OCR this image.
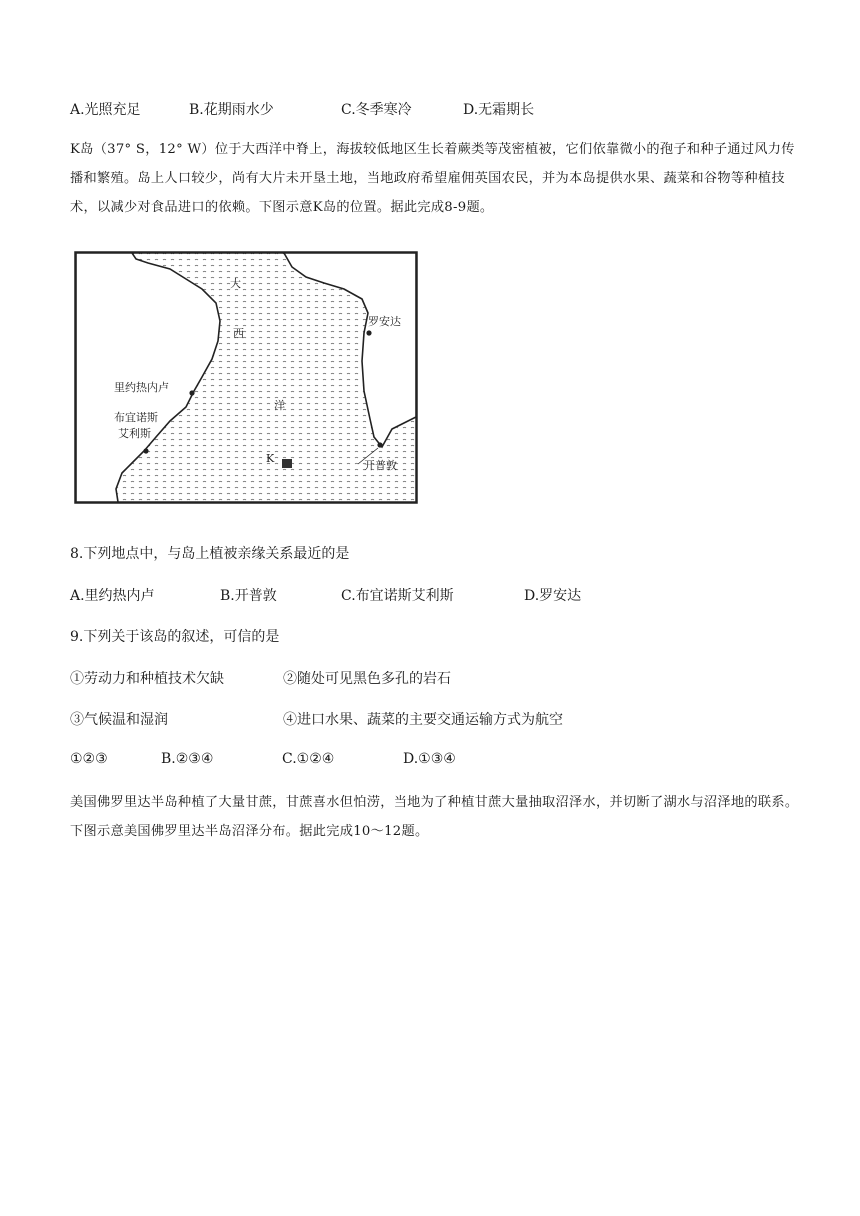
A.光照充足	B.花期雨水少	C.冬季寒冷	D.无霜期长
K岛（37° S，12° W）位于大西洋中脊上，海拔较低地区生长着蕨类等茂密植被，它们依靠微小的孢子和种子通过风力传播和繁殖。岛上人口较少，尚有大片未开垦土地，当地政府希望雇佣英国农民，并为本岛提供水果、蔬菜和谷物等种植技术，以减少对食品进口的依赖。下图示意K岛的位置。据此完成8-9题。
大
西
洋
里约热内卢
布宜诺斯
艾利斯
罗安达
开普敦
K
8.下列地点中，与岛上植被亲缘关系最近的是
A.里约热内卢	B.开普敦	C.布宜诺斯艾利斯	D.罗安达
9.下列关于该岛的叙述，可信的是
①劳动力和种植技术欠缺	②随处可见黑色多孔的岩石
③气候温和湿润	④进口水果、蔬菜的主要交通运输方式为航空
①②③	B.②③④	C.①②④	D.①③④
美国佛罗里达半岛种植了大量甘蔗，甘蔗喜水但怕涝，当地为了种植甘蔗大量抽取沼泽水，并切断了湖水与沼泽地的联系。下图示意美国佛罗里达半岛沼泽分布。据此完成10～12题。
